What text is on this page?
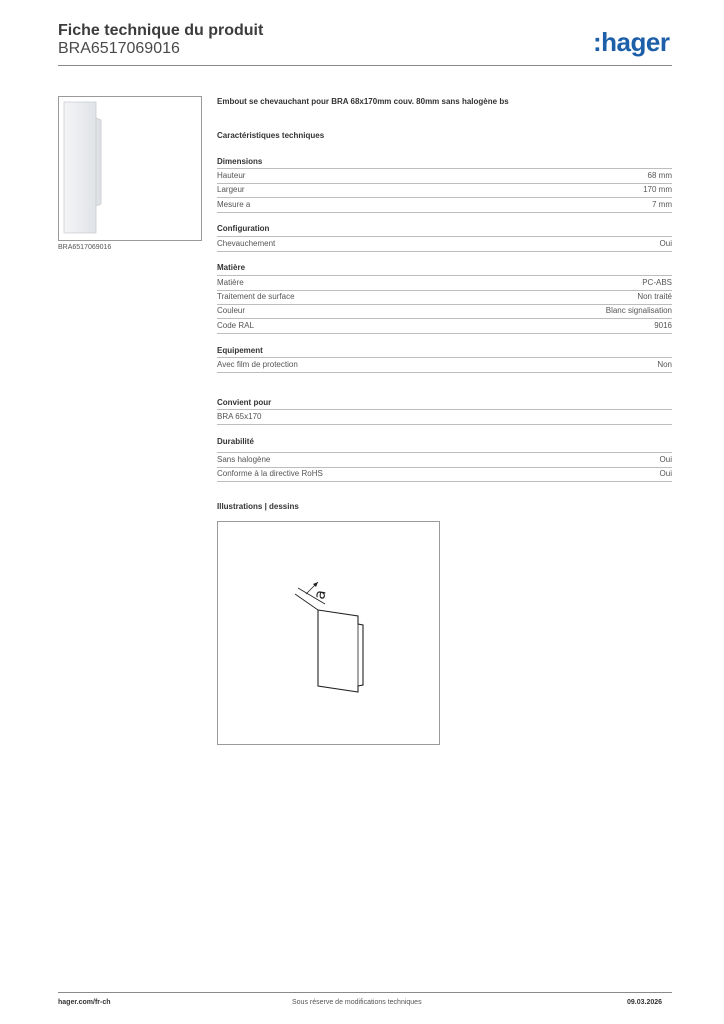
Fiche technique du produit
BRA6517069016	:hager
BRA6517069016
Embout se chevauchant pour BRA 68x170mm couv. 80mm sans halogène bs
Caractéristiques techniques
Dimensions
Hauteur	68 mm
Largeur	170 mm
Mesure a	7 mm
Configuration
Chevauchement	Oui
Matière
Matière	PC-ABS
Traitement de surface	Non traité
Couleur	Blanc signalisation
Code RAL	9016
Equipement
Avec film de protection	Non
Convient pour
BRA 65x170
Durabilité
Sans halogène	Oui
Conforme à la directive RoHS	Oui
Illustrations | dessins
a
hager.com/fr-ch	Sous réserve de modifications techniques	09.03.2026
